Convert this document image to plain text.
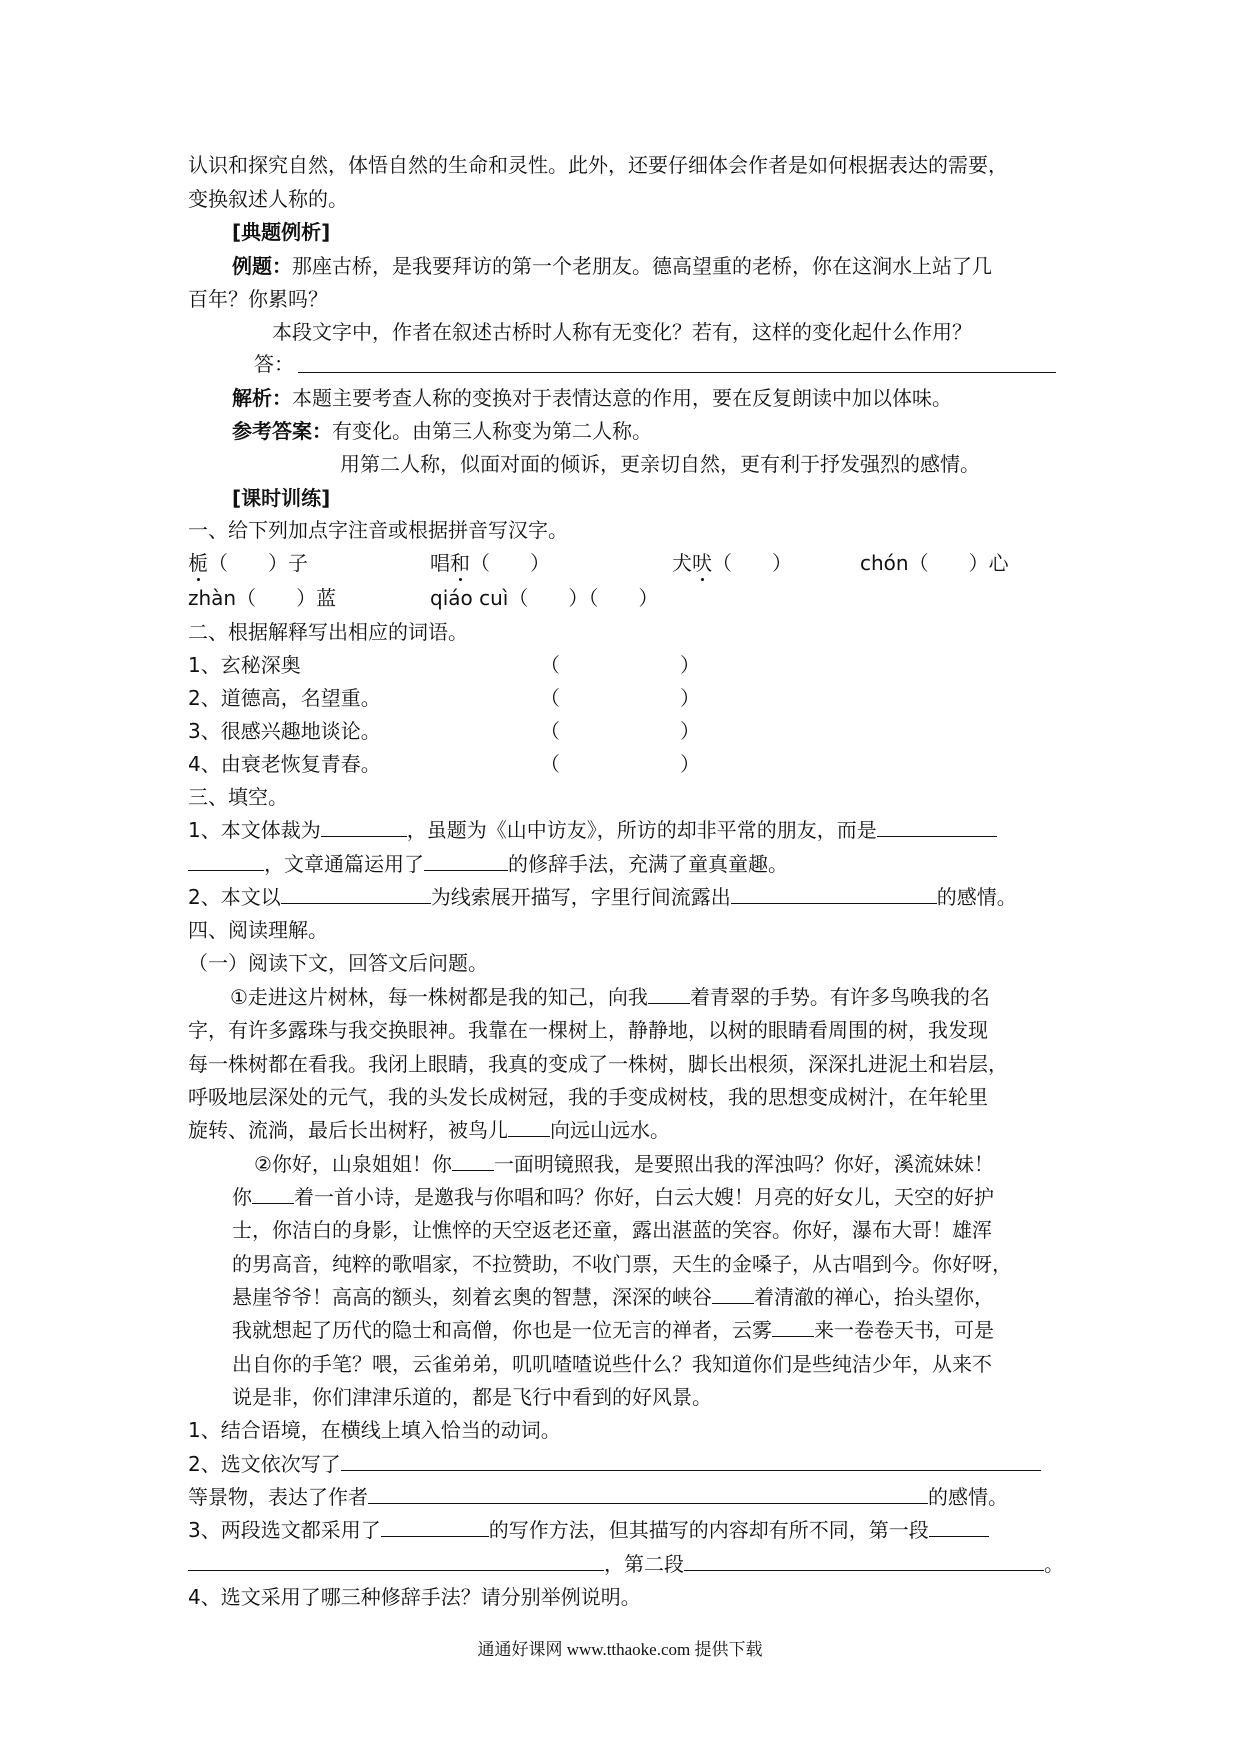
认识和探究自然，体悟自然的生命和灵性。此外，还要仔细体会作者是如何根据表达的需要，
变换叙述人称的。
[典题例析]
例题：那座古桥，是我要拜访的第一个老朋友。德高望重的老桥，你在这涧水上站了几
百年？你累吗？
本段文字中，作者在叙述古桥时人称有无变化？若有，这样的变化起什么作用？
答：
解析：本题主要考查人称的变换对于表情达意的作用，要在反复朗读中加以体味。
参考答案：有变化。由第三人称变为第二人称。
用第二人称，似面对面的倾诉，更亲切自然，更有利于抒发强烈的感情。
[课时训练]
一、给下列加点字注音或根据拼音写汉字。
栀（　　）子	唱和（　　）	犬吠（　　）	chón（　　）心
zhàn（　　）蓝	qiáo cuì（　　）（　　）
二、根据解释写出相应的词语。
1、玄秘深奥	（　　　　　　）
2、道德高，名望重。	（　　　　　　）
3、很感兴趣地谈论。	（　　　　　　）
4、由衰老恢复青春。	（　　　　　　）
三、填空。
1、本文体裁为	，虽题为《山中访友》，所访的却非平常的朋友，而是
，文章通篇运用了	的修辞手法，充满了童真童趣。
2、本文以	为线索展开描写，字里行间流露出	的感情。
四、阅读理解。
（一）阅读下文，回答文后问题。
①走进这片树林，每一株树都是我的知己，向我 着青翠的手势。有许多鸟唤我的名
字，有许多露珠与我交换眼神。我靠在一棵树上，静静地，以树的眼睛看周围的树，我发现
每一株树都在看我。我闭上眼睛，我真的变成了一株树，脚长出根须，深深扎进泥土和岩层，
呼吸地层深处的元气，我的头发长成树冠，我的手变成树枝，我的思想变成树汁，在年轮里
旋转、流淌，最后长出树籽，被鸟儿 向远山远水。
②你好，山泉姐姐！你 一面明镜照我，是要照出我的浑浊吗？你好，溪流妹妹！
你 着一首小诗，是邀我与你唱和吗？你好，白云大嫂！月亮的好女儿，天空的好护
士，你洁白的身影，让憔悴的天空返老还童，露出湛蓝的笑容。你好，瀑布大哥！雄浑
的男高音，纯粹的歌唱家，不拉赞助，不收门票，天生的金嗓子，从古唱到今。你好呀，
悬崖爷爷！高高的额头，刻着玄奥的智慧，深深的峡谷 着清澈的禅心，抬头望你，
我就想起了历代的隐士和高僧，你也是一位无言的禅者，云雾 来一卷卷天书，可是
出自你的手笔？喂，云雀弟弟，叽叽喳喳说些什么？我知道你们是些纯洁少年，从来不
说是非，你们津津乐道的，都是飞行中看到的好风景。
1、结合语境，在横线上填入恰当的动词。
2、选文依次写了
等景物，表达了作者	的感情。
3、两段选文都采用了	的写作方法，但其描写的内容却有所不同，第一段
，第二段	。
4、选文采用了哪三种修辞手法？请分别举例说明。
通通好课网 www.tthaoke.com 提供下载
